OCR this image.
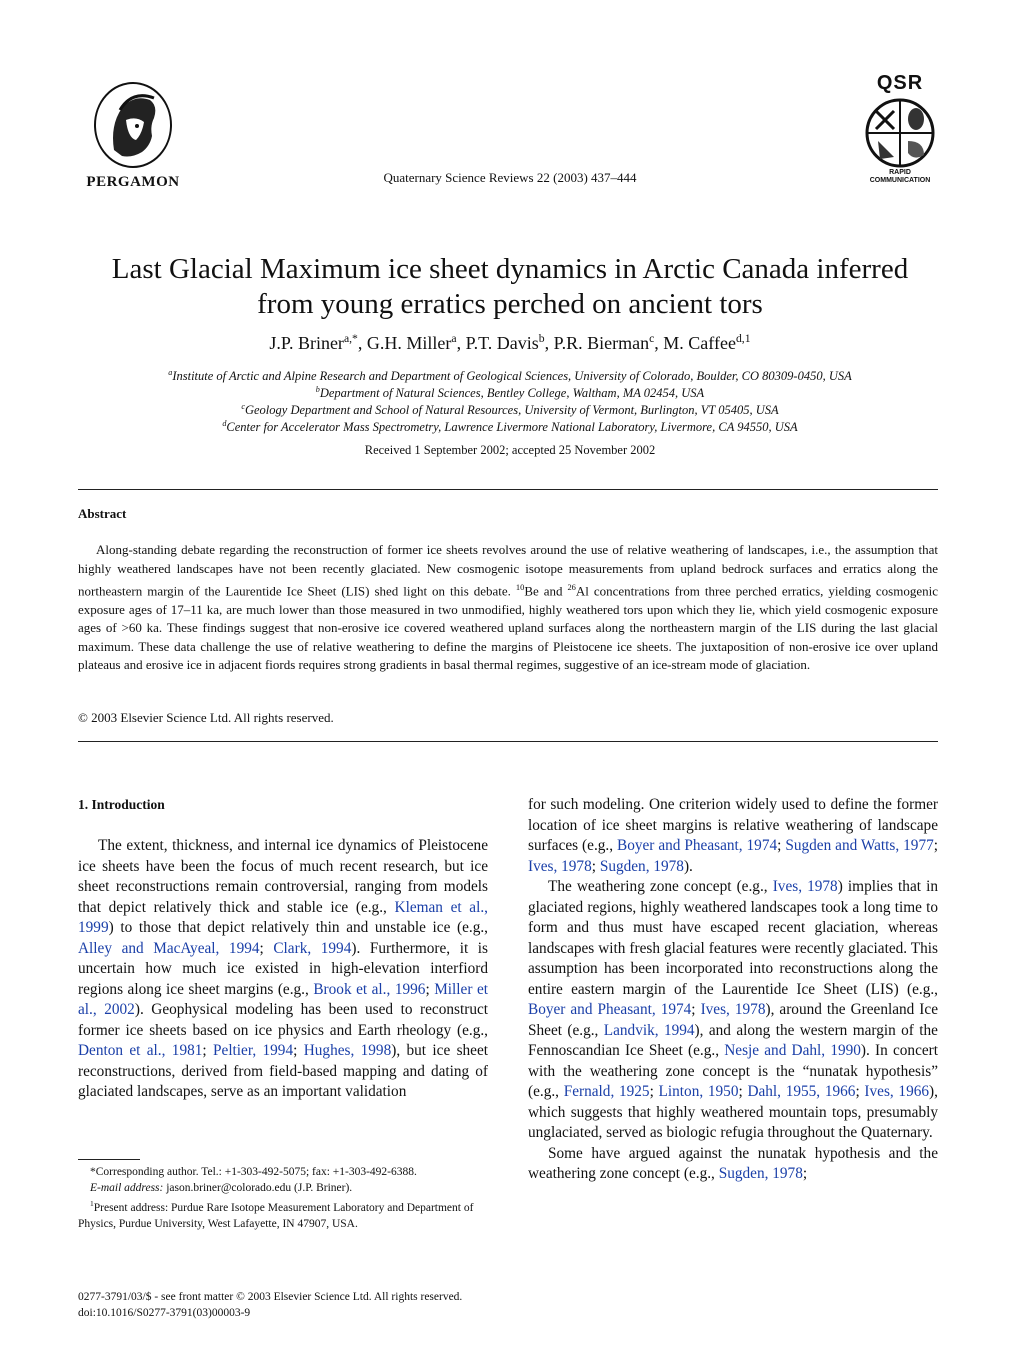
PERGAMON	Quaternary Science Reviews 22 (2003) 437–444
QSR
RAPID
COMMUNICATION
Last Glacial Maximum ice sheet dynamics in Arctic Canada inferred
from young erratics perched on ancient tors
J.P. Briner$^{a,*}$, G.H. Miller$^a$, P.T. Davis$^b$, P.R. Bierman$^c$, M. Caffee$^{d,1}$
$^a$Institute of Arctic and Alpine Research and Department of Geological Sciences, University of Colorado, Boulder, CO 80309-0450, USA
$^b$Department of Natural Sciences, Bentley College, Waltham, MA 02454, USA
$^c$Geology Department and School of Natural Resources, University of Vermont, Burlington, VT 05405, USA
$^d$Center for Accelerator Mass Spectrometry, Lawrence Livermore National Laboratory, Livermore, CA 94550, USA
Received 1 September 2002; accepted 25 November 2002
Abstract
Along-standing debate regarding the reconstruction of former ice sheets revolves around the use of relative weathering of landscapes, i.e., the assumption that highly weathered landscapes have not been recently glaciated. New cosmogenic isotope measurements from upland bedrock surfaces and erratics along the northeastern margin of the Laurentide Ice Sheet (LIS) shed light on this debate. $^{10}$Be and $^{26}$Al concentrations from three perched erratics, yielding cosmogenic exposure ages of 17–11 ka, are much lower than those measured in two unmodified, highly weathered tors upon which they lie, which yield cosmogenic exposure ages of >60 ka. These findings suggest that non-erosive ice covered weathered upland surfaces along the northeastern margin of the LIS during the last glacial maximum. These data challenge the use of relative weathering to define the margins of Pleistocene ice sheets. The juxtaposition of non-erosive ice over upland plateaus and erosive ice in adjacent fiords requires strong gradients in basal thermal regimes, suggestive of an ice-stream mode of glaciation.
© 2003 Elsevier Science Ltd. All rights reserved.
1. Introduction

The extent, thickness, and internal ice dynamics of Pleistocene ice sheets have been the focus of much recent research, but ice sheet reconstructions remain controversial, ranging from models that depict relatively thick and stable ice (e.g., Kleman et al., 1999) to those that depict relatively thin and unstable ice (e.g., Alley and MacAyeal, 1994; Clark, 1994). Furthermore, it is uncertain how much ice existed in high-elevation interfiord regions along ice sheet margins (e.g., Brook et al., 1996; Miller et al., 2002). Geophysical modeling has been used to reconstruct former ice sheets based on ice physics and Earth rheology (e.g., Denton et al., 1981; Peltier, 1994; Hughes, 1998), but ice sheet reconstructions, derived from field-based mapping and dating of glaciated landscapes, serve as an important validation

for such modeling. One criterion widely used to define the former location of ice sheet margins is relative weathering of landscape surfaces (e.g., Boyer and Pheasant, 1974; Sugden and Watts, 1977; Ives, 1978; Sugden, 1978).

The weathering zone concept (e.g., Ives, 1978) implies that in glaciated regions, highly weathered landscapes took a long time to form and thus must have escaped recent glaciation, whereas landscapes with fresh glacial features were recently glaciated. This assumption has been incorporated into reconstructions along the entire eastern margin of the Laurentide Ice Sheet (LIS) (e.g., Boyer and Pheasant, 1974; Ives, 1978), around the Greenland Ice Sheet (e.g., Landvik, 1994), and along the western margin of the Fennoscandian Ice Sheet (e.g., Nesje and Dahl, 1990). In concert with the weathering zone concept is the “nunatak hypothesis” (e.g., Fernald, 1925; Linton, 1950; Dahl, 1955, 1966; Ives, 1966), which suggests that highly weathered mountain tops, presumably unglaciated, served as biologic refugia throughout the Quaternary.

Some have argued against the nunatak hypothesis and the weathering zone concept (e.g., Sugden, 1978;

*Corresponding author. Tel.: +1-303-492-5075; fax: +1-303-492-6388.

E-mail address: jason.briner@colorado.edu (J.P. Briner).

$^1$Present address: Purdue Rare Isotope Measurement Laboratory and Department of Physics, Purdue University, West Lafayette, IN 47907, USA.

0277-3791/03/$ - see front matter © 2003 Elsevier Science Ltd. All rights reserved.
doi:10.1016/S0277-3791(03)00003-9
